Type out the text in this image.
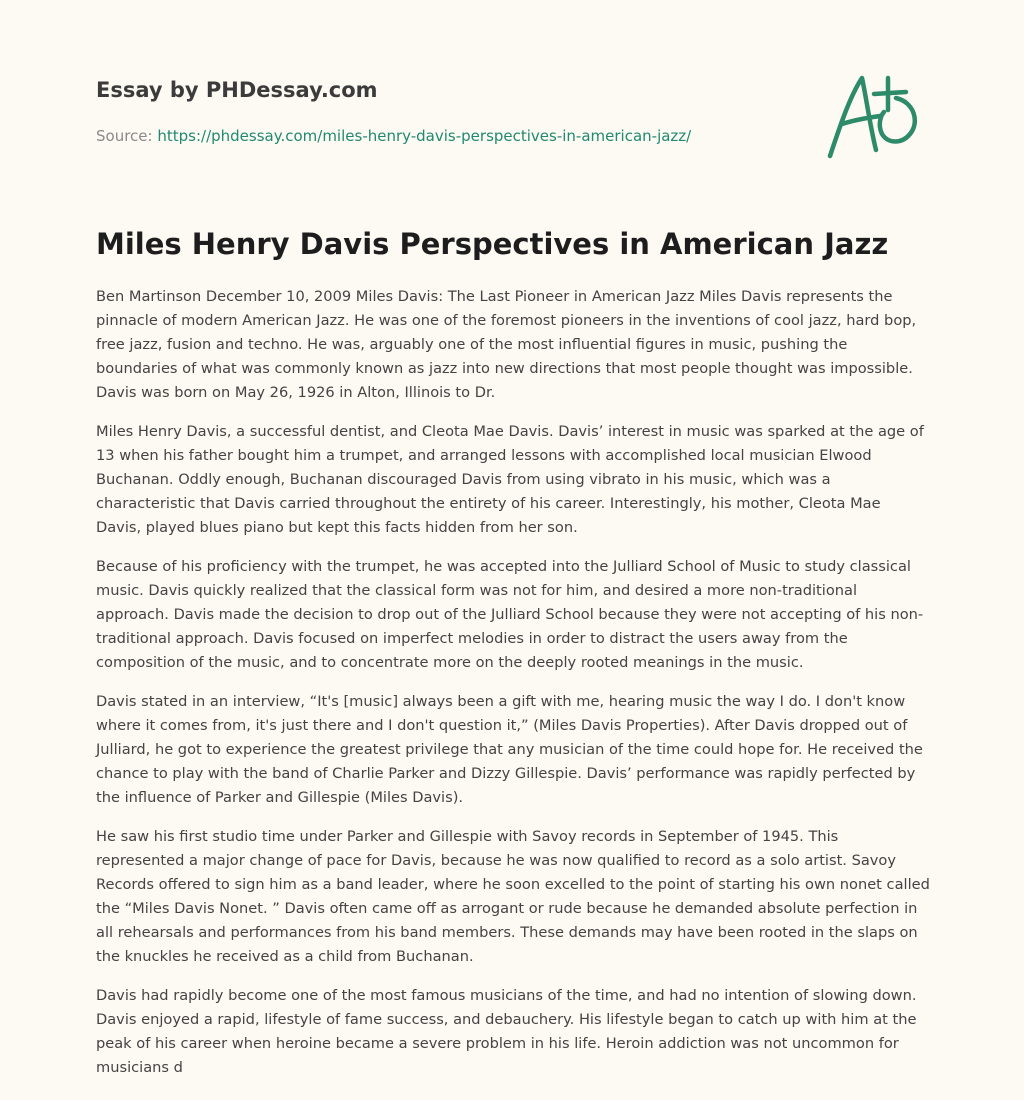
Essay by PHDessay.com
Source: https://phdessay.com/miles-henry-davis-perspectives-in-american-jazz/
Miles Henry Davis Perspectives in American Jazz

Ben Martinson December 10, 2009 Miles Davis: The Last Pioneer in American Jazz Miles Davis represents the pinnacle of modern American Jazz. He was one of the foremost pioneers in the inventions of cool jazz, hard bop, free jazz, fusion and techno. He was, arguably one of the most influential figures in music, pushing the boundaries of what was commonly known as jazz into new directions that most people thought was impossible. Davis was born on May 26, 1926 in Alton, Illinois to Dr.

Miles Henry Davis, a successful dentist, and Cleota Mae Davis. Davis’ interest in music was sparked at the age of 13 when his father bought him a trumpet, and arranged lessons with accomplished local musician Elwood Buchanan. Oddly enough, Buchanan discouraged Davis from using vibrato in his music, which was a characteristic that Davis carried throughout the entirety of his career. Interestingly, his mother, Cleota Mae Davis, played blues piano but kept this facts hidden from her son.

Because of his proficiency with the trumpet, he was accepted into the Julliard School of Music to study classical music. Davis quickly realized that the classical form was not for him, and desired a more non-traditional approach. Davis made the decision to drop out of the Julliard School because they were not accepting of his non-traditional approach. Davis focused on imperfect melodies in order to distract the users away from the composition of the music, and to concentrate more on the deeply rooted meanings in the music.

Davis stated in an interview, “It's [music] always been a gift with me, hearing music the way I do. I don't know where it comes from, it's just there and I don't question it,” (Miles Davis Properties). After Davis dropped out of Julliard, he got to experience the greatest privilege that any musician of the time could hope for. He received the chance to play with the band of Charlie Parker and Dizzy Gillespie. Davis’ performance was rapidly perfected by the influence of Parker and Gillespie (Miles Davis).

He saw his first studio time under Parker and Gillespie with Savoy records in September of 1945. This represented a major change of pace for Davis, because he was now qualified to record as a solo artist. Savoy Records offered to sign him as a band leader, where he soon excelled to the point of starting his own nonet called the “Miles Davis Nonet. ” Davis often came off as arrogant or rude because he demanded absolute perfection in all rehearsals and performances from his band members. These demands may have been rooted in the slaps on the knuckles he received as a child from Buchanan.

Davis had rapidly become one of the most famous musicians of the time, and had no intention of slowing down. Davis enjoyed a rapid, lifestyle of fame success, and debauchery. His lifestyle began to catch up with him at the peak of his career when heroine became a severe problem in his life. Heroin addiction was not uncommon for musicians d
